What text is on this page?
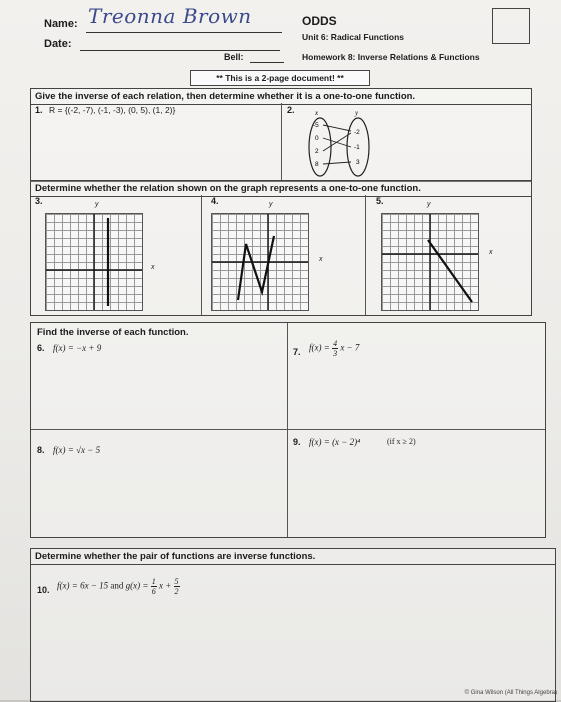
Name: Treonna Brown
Date:
Bell:
ODDS
Unit 6: Radical Functions
Homework 8: Inverse Relations & Functions
** This is a 2-page document! **
Give the inverse of each relation, then determine whether it is a one-to-one function.
1. R = {(-2, -7), (-1, -3), (0, 5), (1, 2)}	2.	x	y
-5
0
2
8
-2
-1
3
Determine whether the relation shown on the graph represents a one-to-one function.
3.	4.	5.
y
x
y
x
y
x
Find the inverse of each function.
6. f(x) = −x + 9	7. $f(x) = \frac{4}{3}$ x − 7
8. f(x) = √x − 5
9. f(x) = (x − 2)⁴	(if x ≥ 2)
Determine whether the pair of functions are inverse functions.
10. f(x) = 6x − 15 and $g(x) = \frac{1}{6}$ $x + \frac{5}{2}$
© Gina Wilson (All Things Algebra)
